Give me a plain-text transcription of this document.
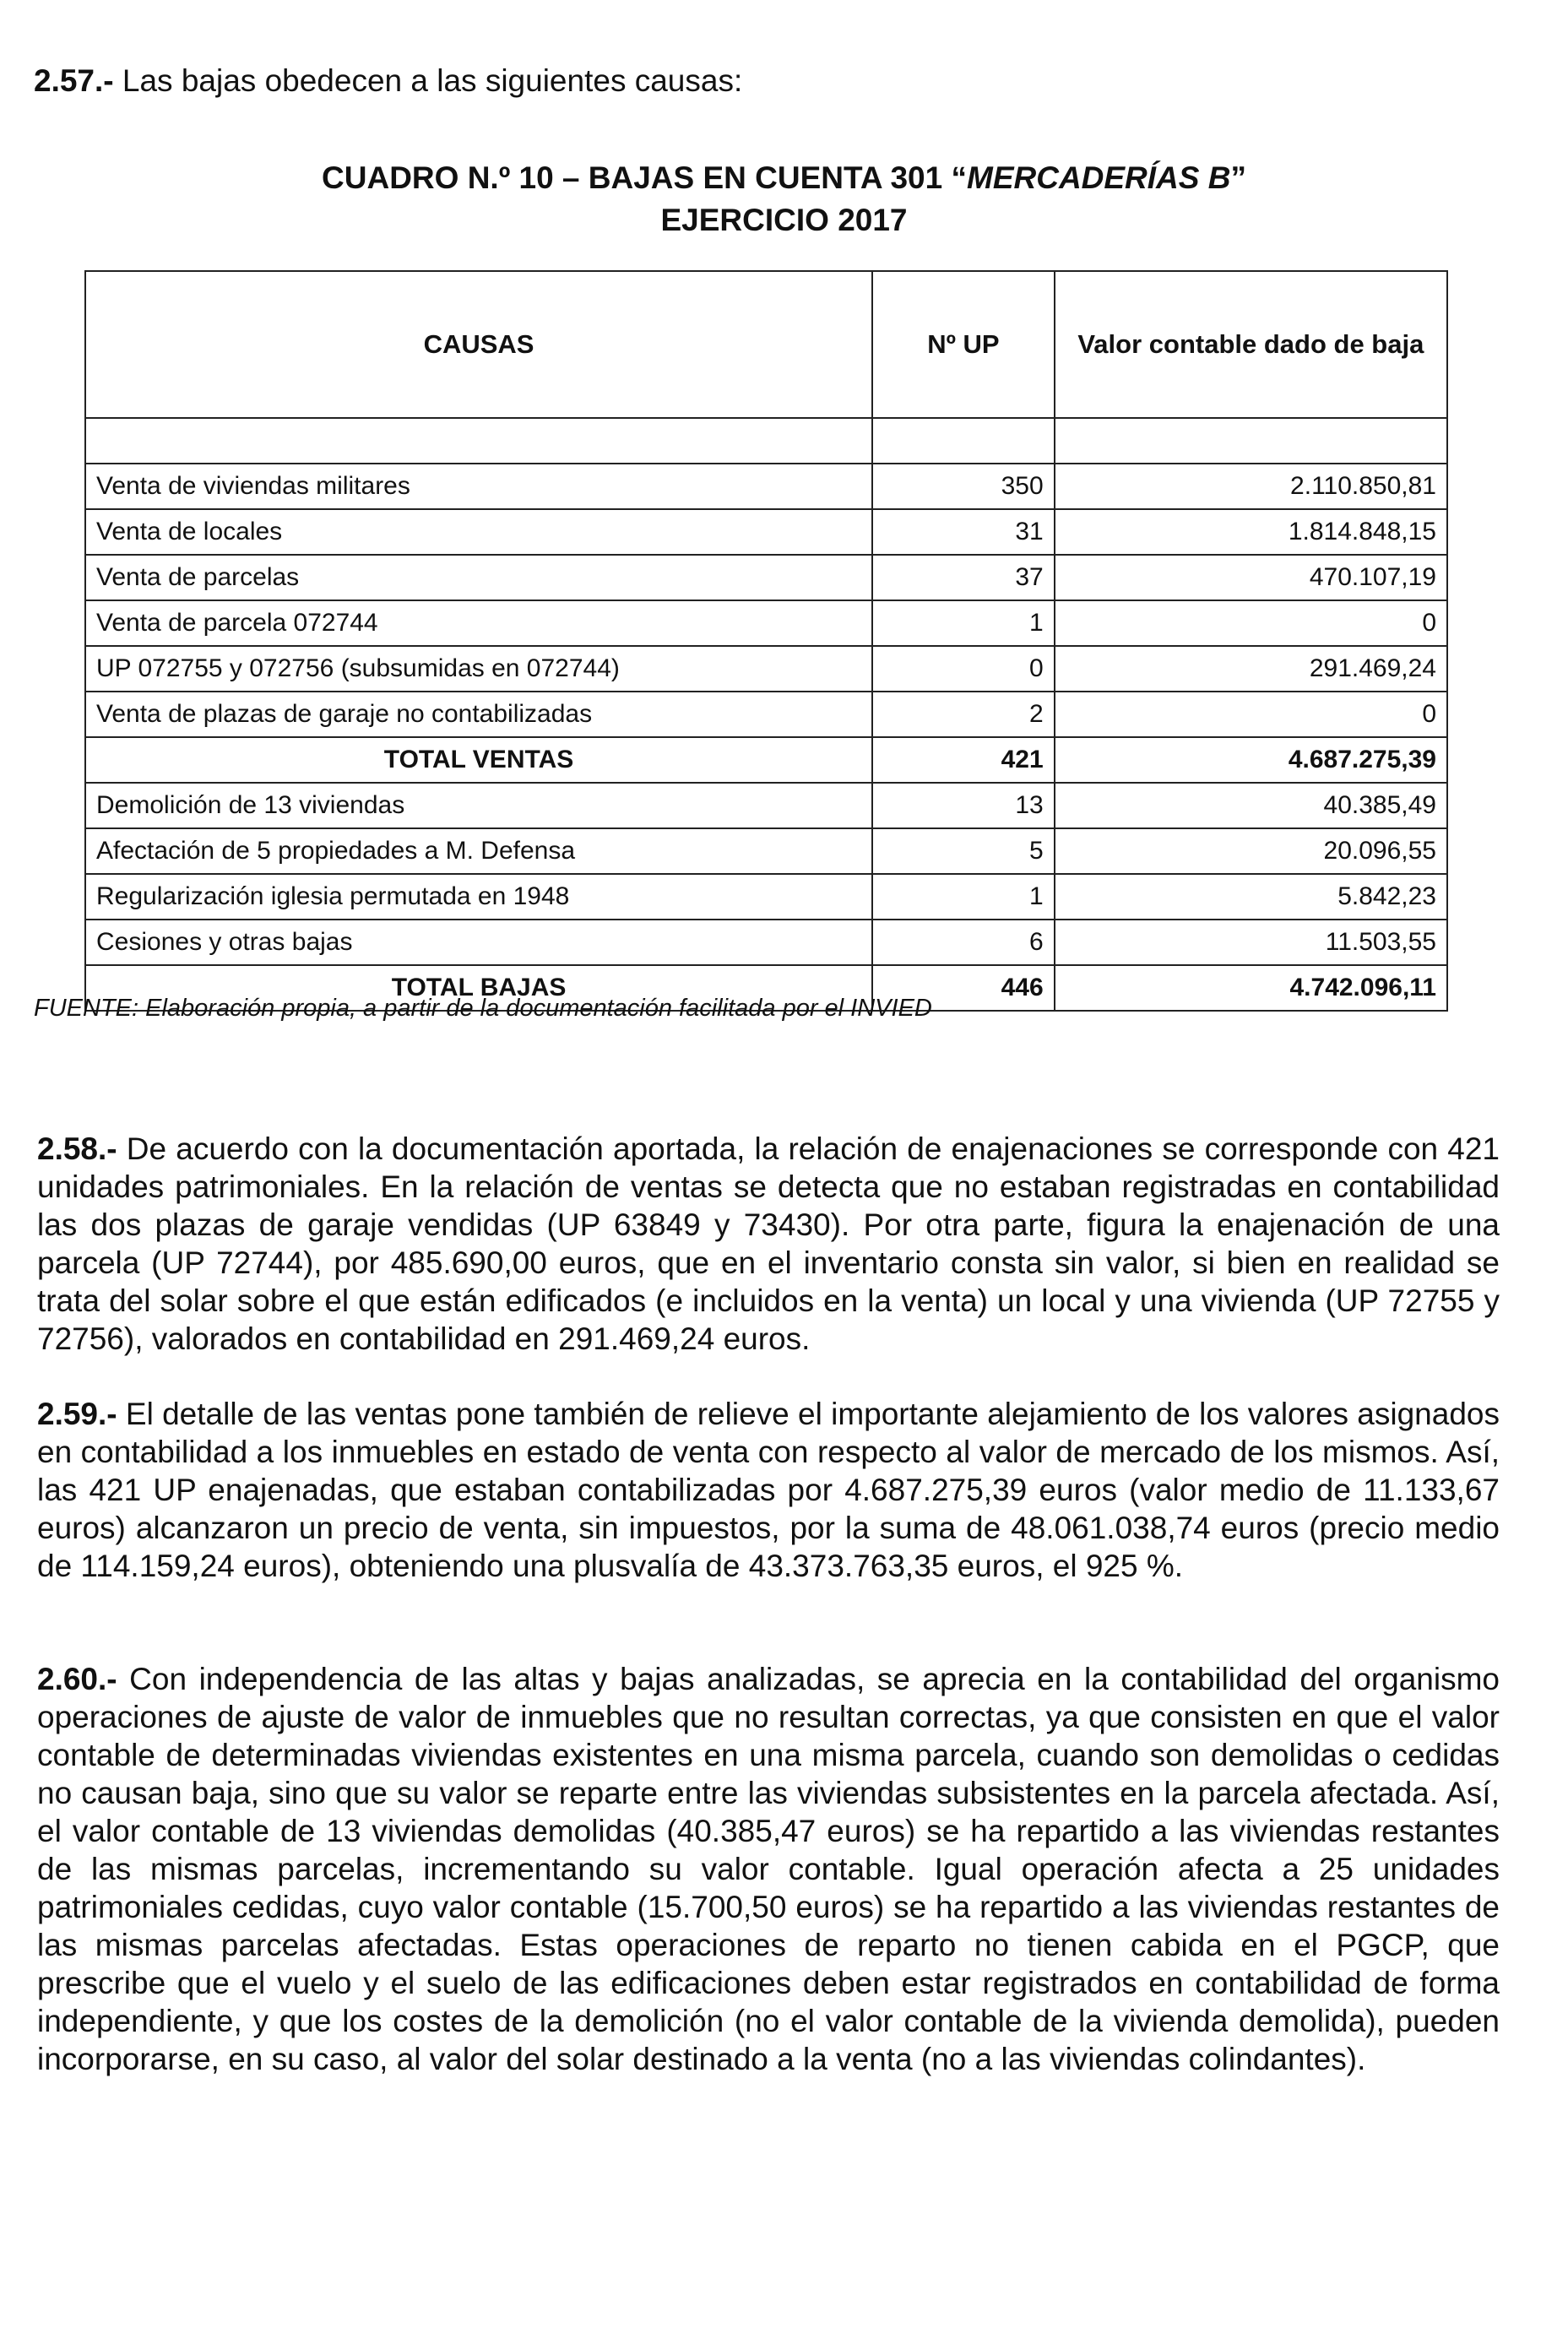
2.57.- Las bajas obedecen a las siguientes causas:
CUADRO N.º 10 – BAJAS EN CUENTA 301 “MERCADERÍAS B”
EJERCICIO 2017
CAUSAS	Nº UP	Valor contable dado de baja

Venta de viviendas militares	350	2.110.850,81
Venta de locales	31	1.814.848,15
Venta de parcelas	37	470.107,19
Venta de parcela 072744	1	0
UP 072755 y 072756 (subsumidas en 072744)	0	291.469,24
Venta de plazas de garaje no contabilizadas	2	0
TOTAL VENTAS	421	4.687.275,39
Demolición de 13 viviendas	13	40.385,49
Afectación de 5 propiedades a M. Defensa	5	20.096,55
Regularización iglesia permutada en 1948	1	5.842,23
Cesiones y otras bajas	6	11.503,55
TOTAL BAJAS	446	4.742.096,11
FUENTE: Elaboración propia, a partir de la documentación facilitada por el INVIED
2.58.- De acuerdo con la documentación aportada, la relación de enajenaciones se corresponde con 421 unidades patrimoniales. En la relación de ventas se detecta que no estaban registradas en contabilidad las dos plazas de garaje vendidas (UP 63849 y 73430). Por otra parte, figura la enajenación de una parcela (UP 72744), por 485.690,00 euros, que en el inventario consta sin valor, si bien en realidad se trata del solar sobre el que están edificados (e incluidos en la venta) un local y una vivienda (UP 72755 y 72756), valorados en contabilidad en 291.469,24 euros.
2.59.- El detalle de las ventas pone también de relieve el importante alejamiento de los valores asignados en contabilidad a los inmuebles en estado de venta con respecto al valor de mercado de los mismos. Así, las 421 UP enajenadas, que estaban contabilizadas por 4.687.275,39 euros (valor medio de 11.133,67 euros) alcanzaron un precio de venta, sin impuestos, por la suma de 48.061.038,74 euros (precio medio de 114.159,24 euros), obteniendo una plusvalía de 43.373.763,35 euros, el 925 %.
2.60.- Con independencia de las altas y bajas analizadas, se aprecia en la contabilidad del organismo operaciones de ajuste de valor de inmuebles que no resultan correctas, ya que consisten en que el valor contable de determinadas viviendas existentes en una misma parcela, cuando son demolidas o cedidas no causan baja, sino que su valor se reparte entre las viviendas subsistentes en la parcela afectada. Así, el valor contable de 13 viviendas demolidas (40.385,47 euros) se ha repartido a las viviendas restantes de las mismas parcelas, incrementando su valor contable. Igual operación afecta a 25 unidades patrimoniales cedidas, cuyo valor contable (15.700,50 euros) se ha repartido a las viviendas restantes de las mismas parcelas afectadas. Estas operaciones de reparto no tienen cabida en el PGCP, que prescribe que el vuelo y el suelo de las edificaciones deben estar registrados en contabilidad de forma independiente, y que los costes de la demolición (no el valor contable de la vivienda demolida), pueden incorporarse, en su caso, al valor del solar destinado a la venta (no a las viviendas colindantes).
